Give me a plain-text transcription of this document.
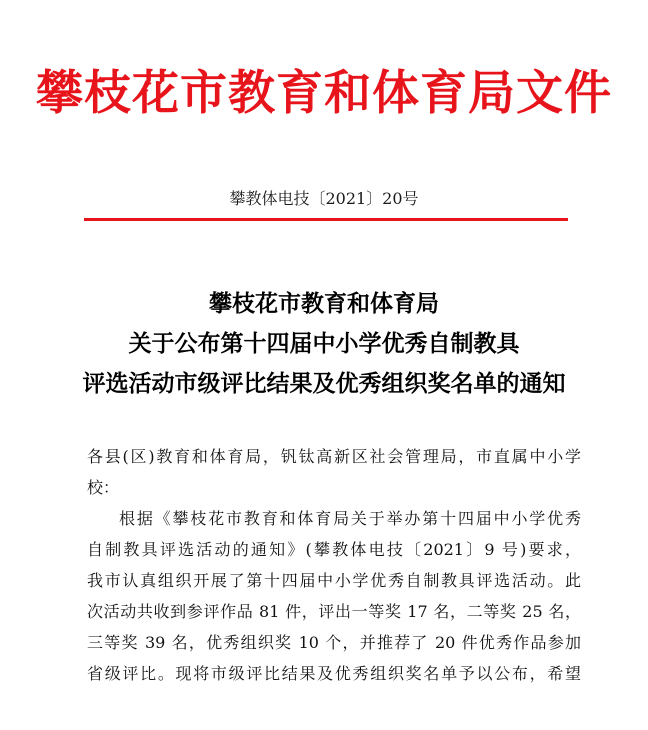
攀枝花市教育和体育局文件
攀教体电技〔2021〕20号
攀枝花市教育和体育局
关于公布第十四届中小学优秀自制教具
评选活动市级评比结果及优秀组织奖名单的通知
各县(区)教育和体育局，钒钛高新区社会管理局，市直属中小学
校：
根据《攀枝花市教育和体育局关于举办第十四届中小学优秀
自制教具评选活动的通知》(攀教体电技〔2021〕9 号)要求，
我市认真组织开展了第十四届中小学优秀自制教具评选活动。此
次活动共收到参评作品 81 件，评出一等奖 17 名，二等奖 25 名，
三等奖 39 名，优秀组织奖 10 个，并推荐了 20 件优秀作品参加
省级评比。现将市级评比结果及优秀组织奖名单予以公布，希望
